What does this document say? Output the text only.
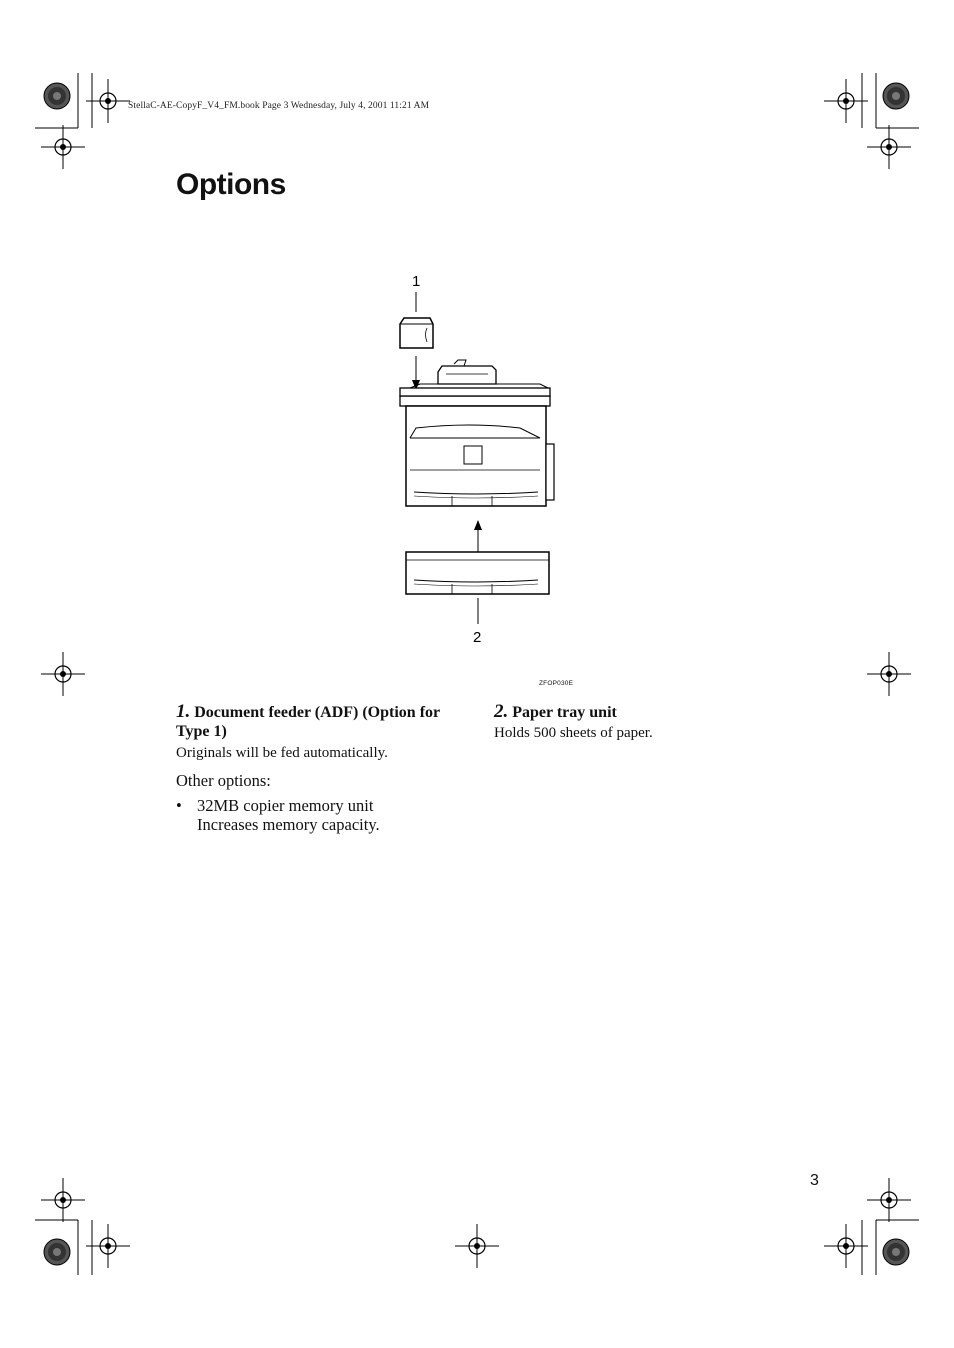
StellaC-AE-CopyF_V4_FM.book Page 3 Wednesday, July 4, 2001 11:21 AM
Options
1
2
ZFOP030E
1. Document feeder (ADF) (Option for Type 1)
Originals will be fed automatically.
Other options:
• 32MB copier memory unit
Increases memory capacity.
2. Paper tray unit
Holds 500 sheets of paper.
3
